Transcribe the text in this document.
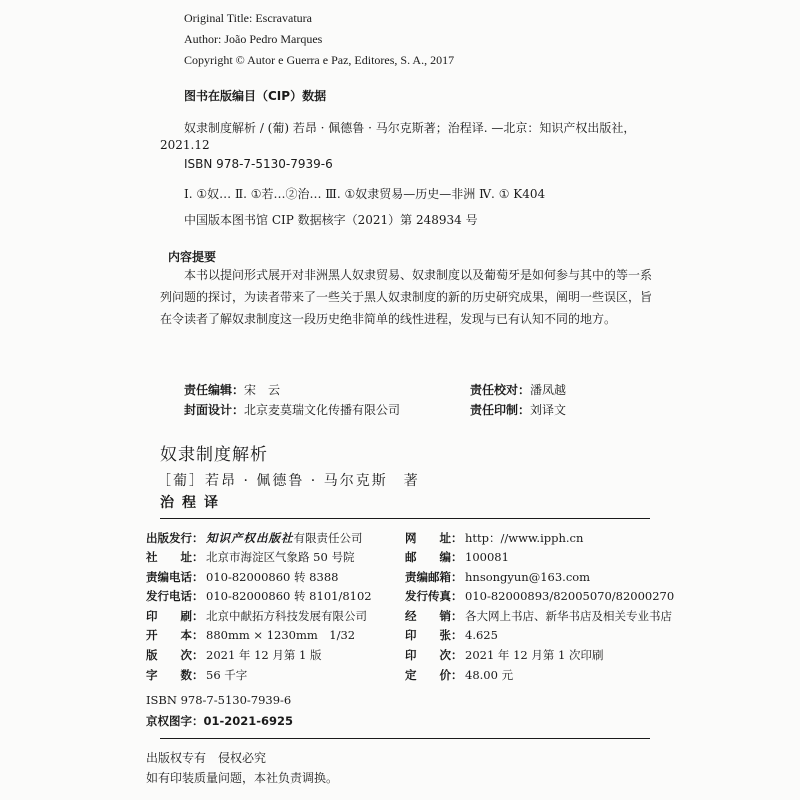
Original Title: Escravatura
Author: João Pedro Marques
Copyright © Autor e Guerra e Paz, Editores, S. A., 2017
图书在版编目（CIP）数据
奴隶制度解析 / (葡) 若昂 · 佩德鲁 · 马尔克斯著；治程译. —北京：知识产权出版社，
2021.12
ISBN 978-7-5130-7939-6
Ⅰ. ①奴… Ⅱ. ①若…②治… Ⅲ. ①奴隶贸易—历史—非洲 Ⅳ. ① K404
中国版本图书馆 CIP 数据核字（2021）第 248934 号
内容提要
本书以提问形式展开对非洲黑人奴隶贸易、奴隶制度以及葡萄牙是如何参与其中的等一系列问题的探讨，为读者带来了一些关于黑人奴隶制度的新的历史研究成果，阐明一些误区，旨在令读者了解奴隶制度这一段历史绝非简单的线性进程，发现与已有认知不同的地方。
责任编辑：宋　云	责任校对：潘凤越
封面设计：北京麦莫瑞文化传播有限公司	责任印制：刘译文
奴隶制度解析
［葡］若昂 · 佩德鲁 · 马尔克斯　著
治程译
出版发行： 知识产权出版社有限责任公司
社　　址： 北京市海淀区气象路 50 号院
责编电话： 010-82000860 转 8388
发行电话： 010-82000860 转 8101/8102
印　　刷： 北京中献拓方科技发展有限公司
开　　本： 880mm × 1230mm　1/32
版　　次： 2021 年 12 月第 1 版
字　　数： 56 千字
网　　址： http：//www.ipph.cn
邮　　编： 100081
责编邮箱： hnsongyun@163.com
发行传真： 010-82000893/82005070/82000270
经　　销： 各大网上书店、新华书店及相关专业书店
印　　张： 4.625
印　　次： 2021 年 12 月第 1 次印刷
定　　价： 48.00 元
ISBN 978-7-5130-7939-6
京权图字：01-2021-6925
出版权专有　侵权必究
如有印装质量问题，本社负责调换。
